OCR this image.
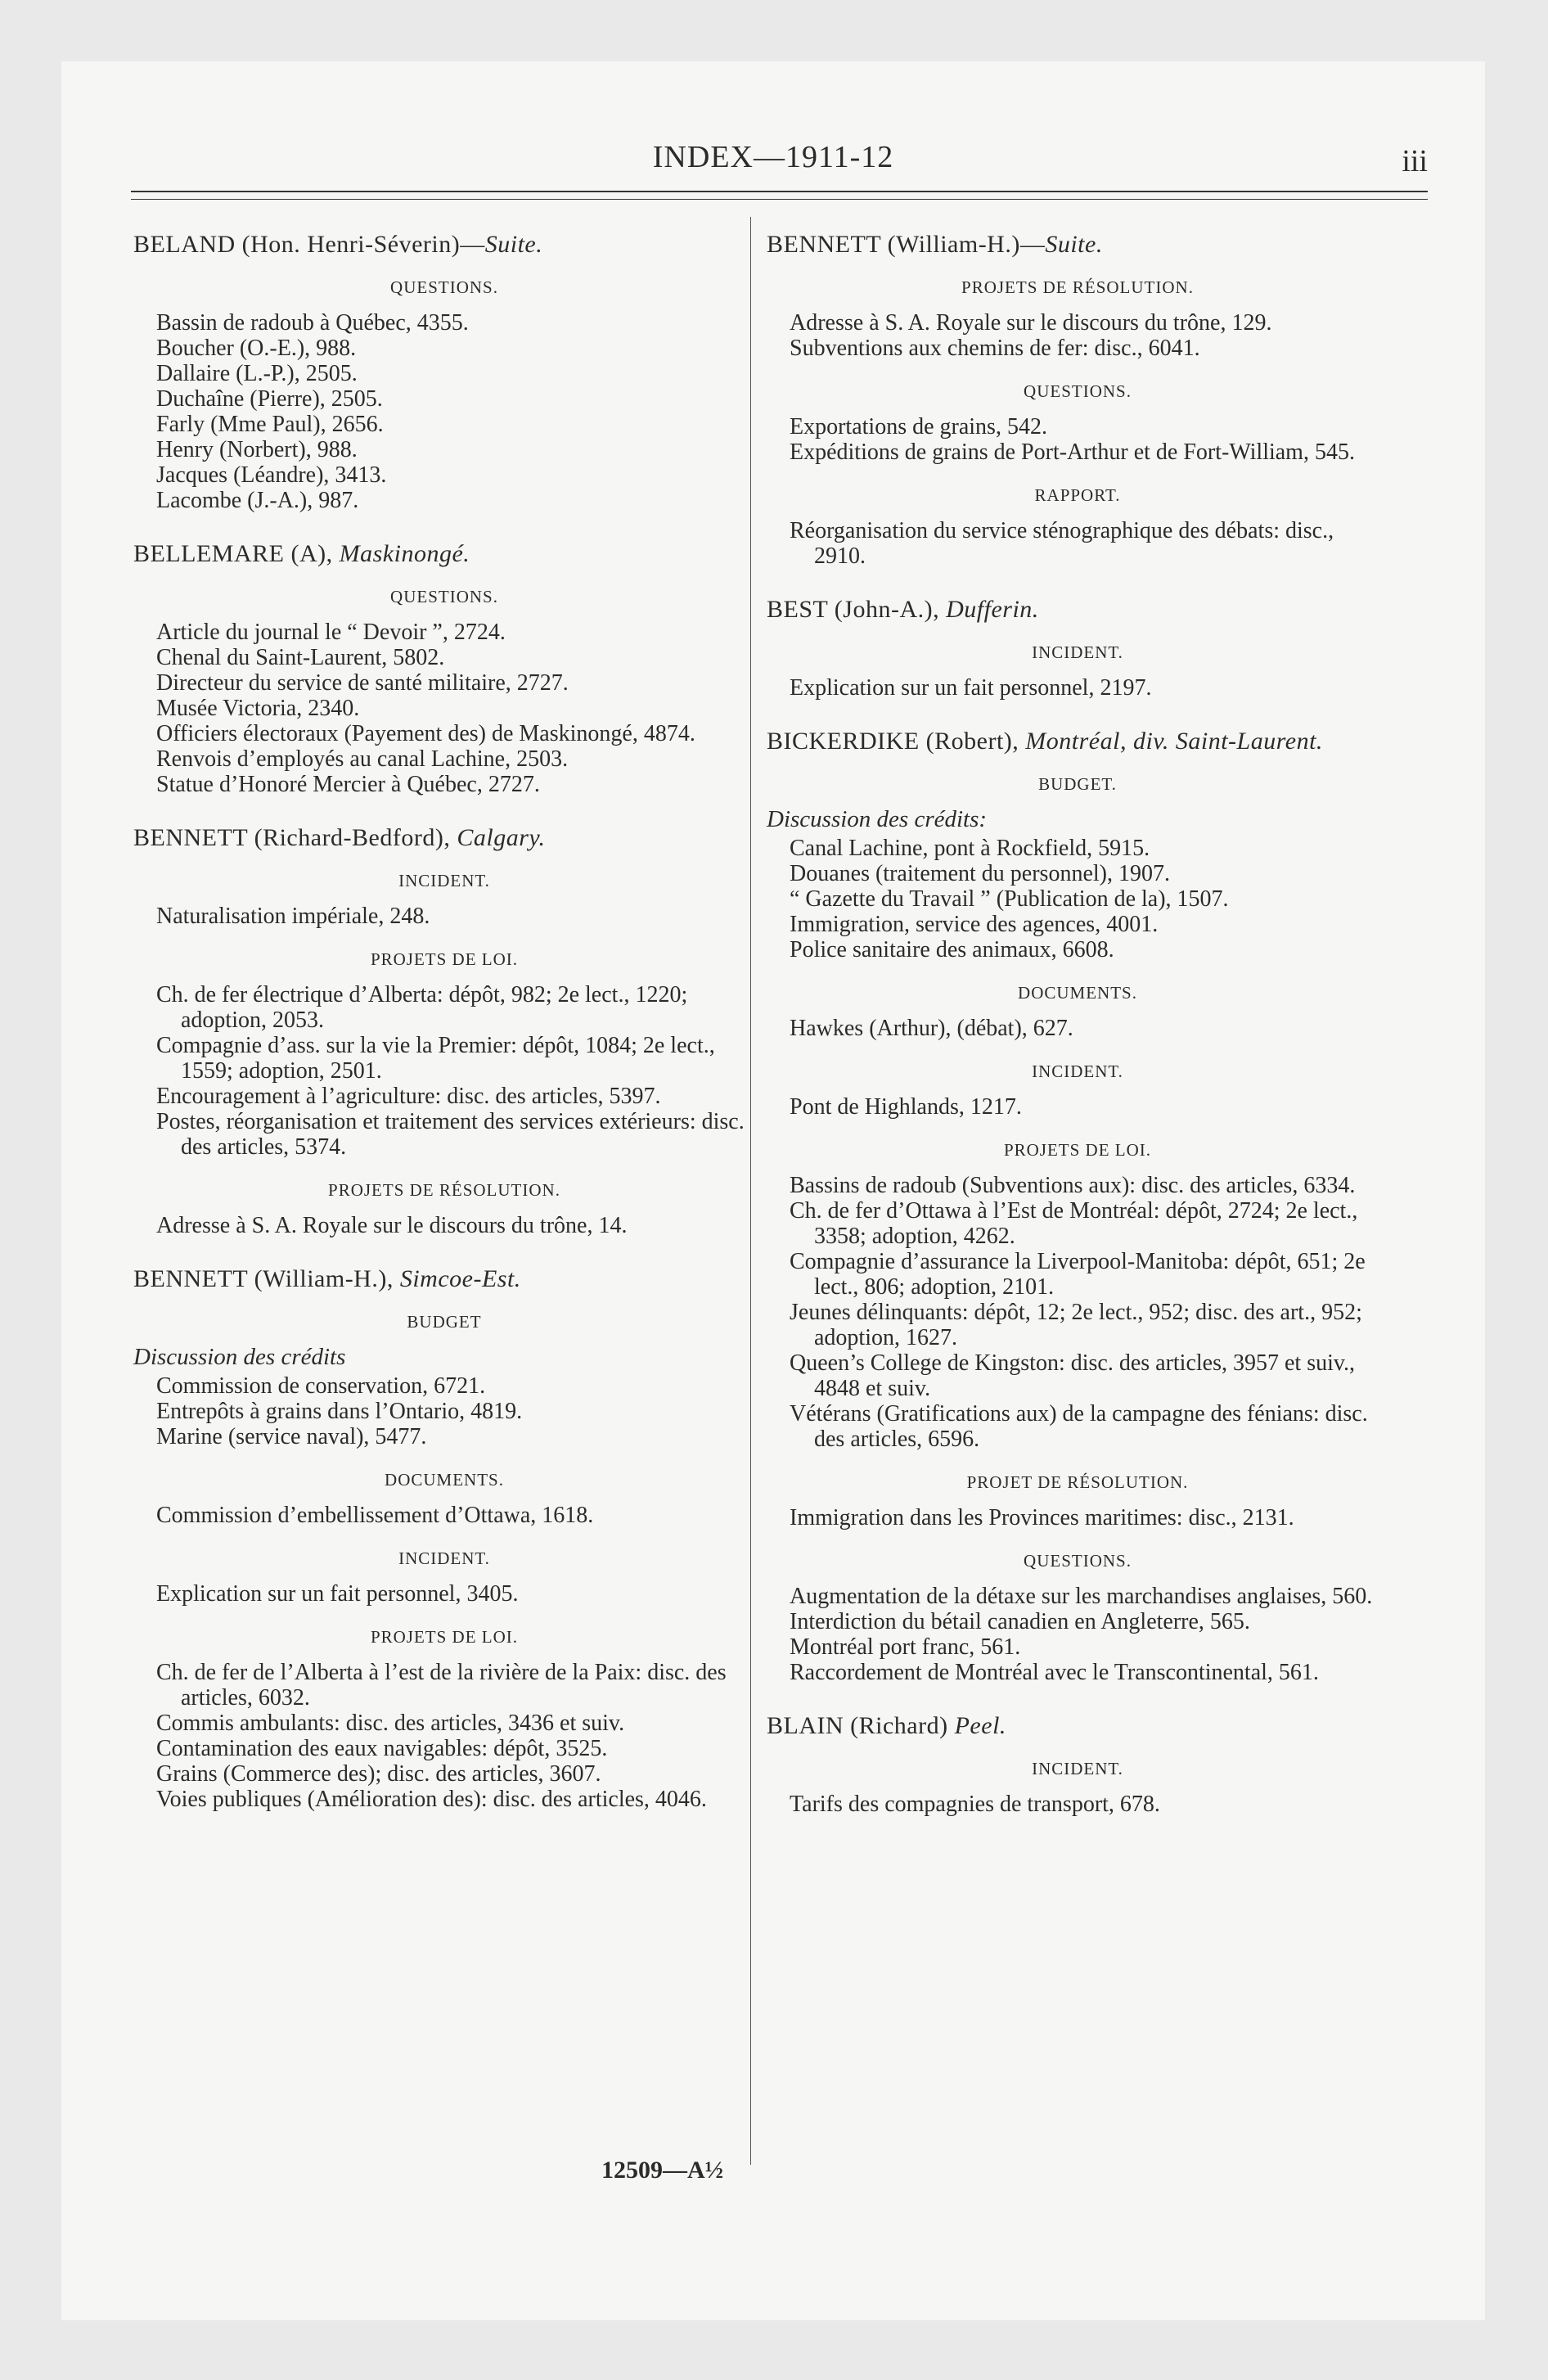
INDEX—1911-12	iii
BELAND (Hon. Henri-Séverin)—Suite.
QUESTIONS.

Bassin de radoub à Québec, 4355.

Boucher (O.-E.), 988.

Dallaire (L.-P.), 2505.

Duchaîne (Pierre), 2505.

Farly (Mme Paul), 2656.

Henry (Norbert), 988.

Jacques (Léandre), 3413.

Lacombe (J.-A.), 987.

BELLEMARE (A), Maskinongé.
QUESTIONS.

Article du journal le “ Devoir ”, 2724.

Chenal du Saint-Laurent, 5802.

Directeur du service de santé militaire, 2727.

Musée Victoria, 2340.

Officiers électoraux (Payement des) de Maskinongé, 4874.

Renvois d’employés au canal Lachine, 2503.

Statue d’Honoré Mercier à Québec, 2727.

BENNETT (Richard-Bedford), Calgary.
INCIDENT.

Naturalisation impériale, 248.

PROJETS DE LOI.

Ch. de fer électrique d’Alberta: dépôt, 982; 2e lect., 1220; adoption, 2053.

Compagnie d’ass. sur la vie la Premier: dépôt, 1084; 2e lect., 1559; adoption, 2501.

Encouragement à l’agriculture: disc. des articles, 5397.

Postes, réorganisation et traitement des services extérieurs: disc. des articles, 5374.

PROJETS DE RÉSOLUTION.

Adresse à S. A. Royale sur le discours du trône, 14.

BENNETT (William-H.), Simcoe-Est.
BUDGET
Discussion des crédits

Commission de conservation, 6721.

Entrepôts à grains dans l’Ontario, 4819.

Marine (service naval), 5477.

DOCUMENTS.

Commission d’embellissement d’Ottawa, 1618.

INCIDENT.

Explication sur un fait personnel, 3405.

PROJETS DE LOI.

Ch. de fer de l’Alberta à l’est de la rivière de la Paix: disc. des articles, 6032.

Commis ambulants: disc. des articles, 3436 et suiv.

Contamination des eaux navigables: dépôt, 3525.

Grains (Commerce des); disc. des articles, 3607.

Voies publiques (Amélioration des): disc. des articles, 4046.

BENNETT (William-H.)—Suite.
PROJETS DE RÉSOLUTION.

Adresse à S. A. Royale sur le discours du trône, 129.

Subventions aux chemins de fer: disc., 6041.

QUESTIONS.

Exportations de grains, 542.

Expéditions de grains de Port-Arthur et de Fort-William, 545.

RAPPORT.

Réorganisation du service sténographique des débats: disc., 2910.

BEST (John-A.), Dufferin.
INCIDENT.

Explication sur un fait personnel, 2197.

BICKERDIKE (Robert), Montréal, div. Saint-Laurent.
BUDGET.
Discussion des crédits:

Canal Lachine, pont à Rockfield, 5915.

Douanes (traitement du personnel), 1907.

“ Gazette du Travail ” (Publication de la), 1507.

Immigration, service des agences, 4001.

Police sanitaire des animaux, 6608.

DOCUMENTS.

Hawkes (Arthur), (débat), 627.

INCIDENT.

Pont de Highlands, 1217.

PROJETS DE LOI.

Bassins de radoub (Subventions aux): disc. des articles, 6334.

Ch. de fer d’Ottawa à l’Est de Montréal: dépôt, 2724; 2e lect., 3358; adoption, 4262.

Compagnie d’assurance la Liverpool-Manitoba: dépôt, 651; 2e lect., 806; adoption, 2101.

Jeunes délinquants: dépôt, 12; 2e lect., 952; disc. des art., 952; adoption, 1627.

Queen’s College de Kingston: disc. des articles, 3957 et suiv., 4848 et suiv.

Vétérans (Gratifications aux) de la campagne des fénians: disc. des articles, 6596.

PROJET DE RÉSOLUTION.

Immigration dans les Provinces maritimes: disc., 2131.

QUESTIONS.

Augmentation de la détaxe sur les marchandises anglaises, 560.

Interdiction du bétail canadien en Angleterre, 565.

Montréal port franc, 561.

Raccordement de Montréal avec le Transcontinental, 561.

BLAIN (Richard) Peel.
INCIDENT.

Tarifs des compagnies de transport, 678.

12509—A½
